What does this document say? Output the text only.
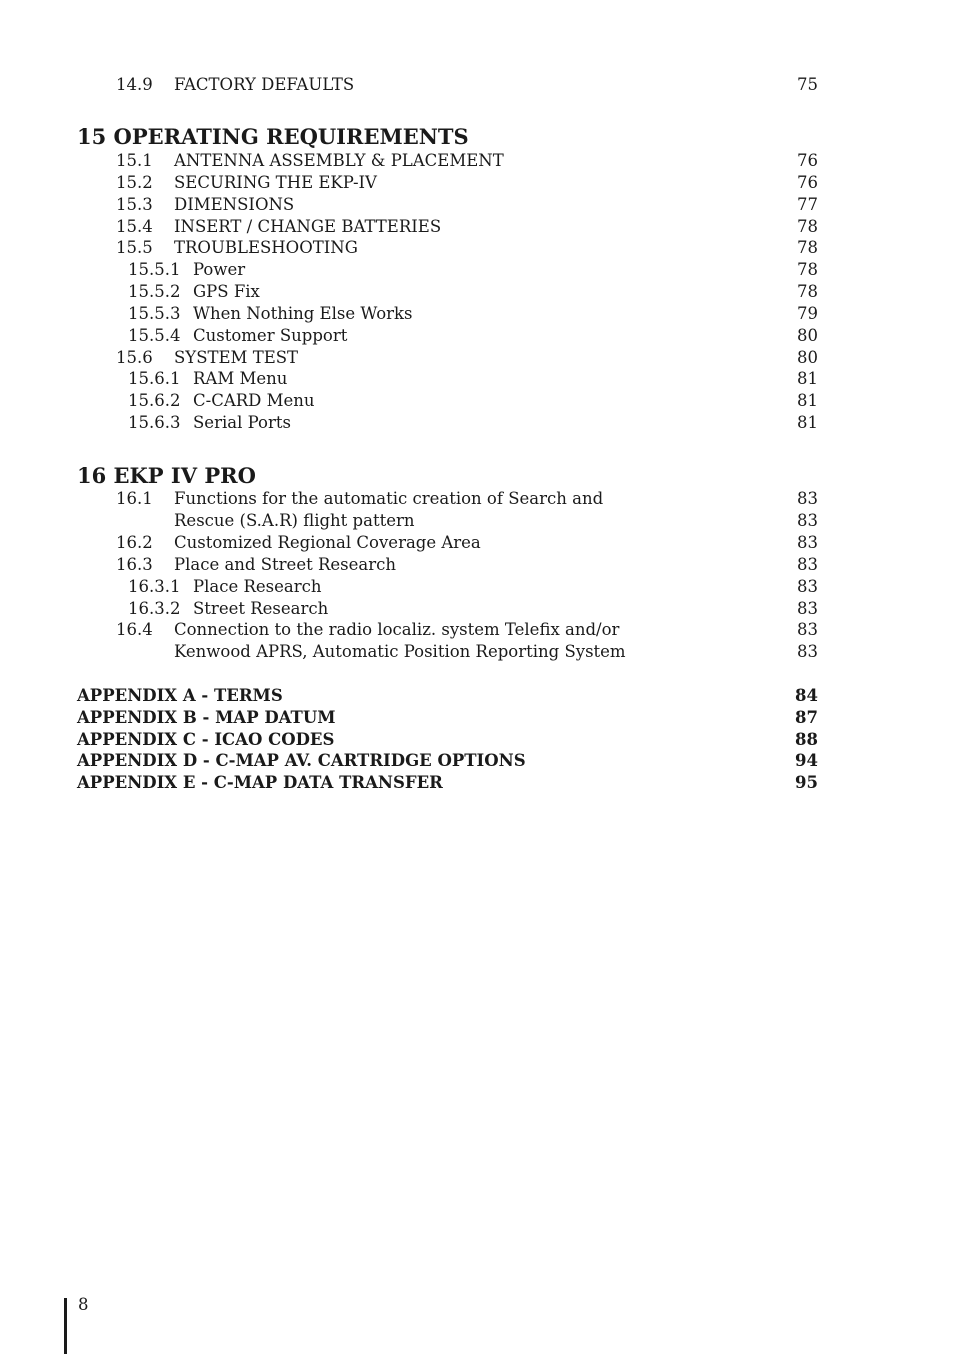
14.9 FACTORY DEFAULTS	75
15 OPERATING REQUIREMENTS
15.1 ANTENNA ASSEMBLY & PLACEMENT	76
15.2 SECURING THE EKP-IV	76
15.3 DIMENSIONS	77
15.4 INSERT / CHANGE BATTERIES	78
15.5 TROUBLESHOOTING	78
15.5.1 Power	78
15.5.2 GPS Fix	78
15.5.3 When Nothing Else Works	79
15.5.4 Customer Support	80
15.6 SYSTEM TEST	80
15.6.1 RAM Menu	81
15.6.2 C-CARD Menu	81
15.6.3 Serial Ports	81
16 EKP IV PRO
16.1 Functions for the automatic creation of Search and	83
Rescue (S.A.R) flight pattern	83
16.2 Customized Regional Coverage Area	83
16.3 Place and Street Research	83
16.3.1 Place Research	83
16.3.2 Street Research	83
16.4 Connection to the radio localiz. system Telefix and/or	83
Kenwood APRS, Automatic Position Reporting System	83
APPENDIX A - TERMS	84
APPENDIX B - MAP DATUM	87
APPENDIX C - ICAO CODES	88
APPENDIX D - C-MAP AV. CARTRIDGE OPTIONS	94
APPENDIX E - C-MAP DATA TRANSFER	95
8
